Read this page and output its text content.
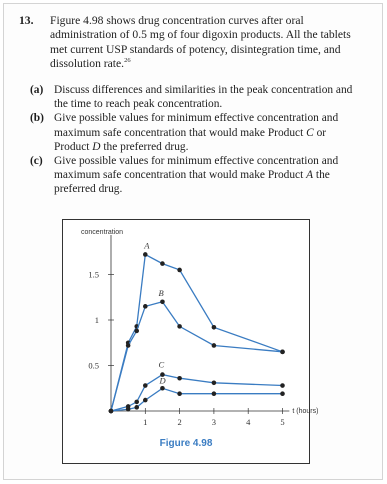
13. Figure 4.98 shows drug concentration curves after oral administration of 0.5 mg of four digoxin products. All the tablets met current USP standards of potency, disintegration time, and dissolution rate.$^{26}$
(a) Discuss differences and similarities in the peak concentration and the time to reach peak concentration.
(b) Give possible values for minimum effective concentration and maximum safe concentration that would make Product C or Product D the preferred drug.
(c) Give possible values for minimum effective concentration and maximum safe concentration that would make Product A the preferred drug.
concentration
t (hours)
1	2	3	4	5
0.5
1
1.5
A
B
C
D
Figure 4.98
